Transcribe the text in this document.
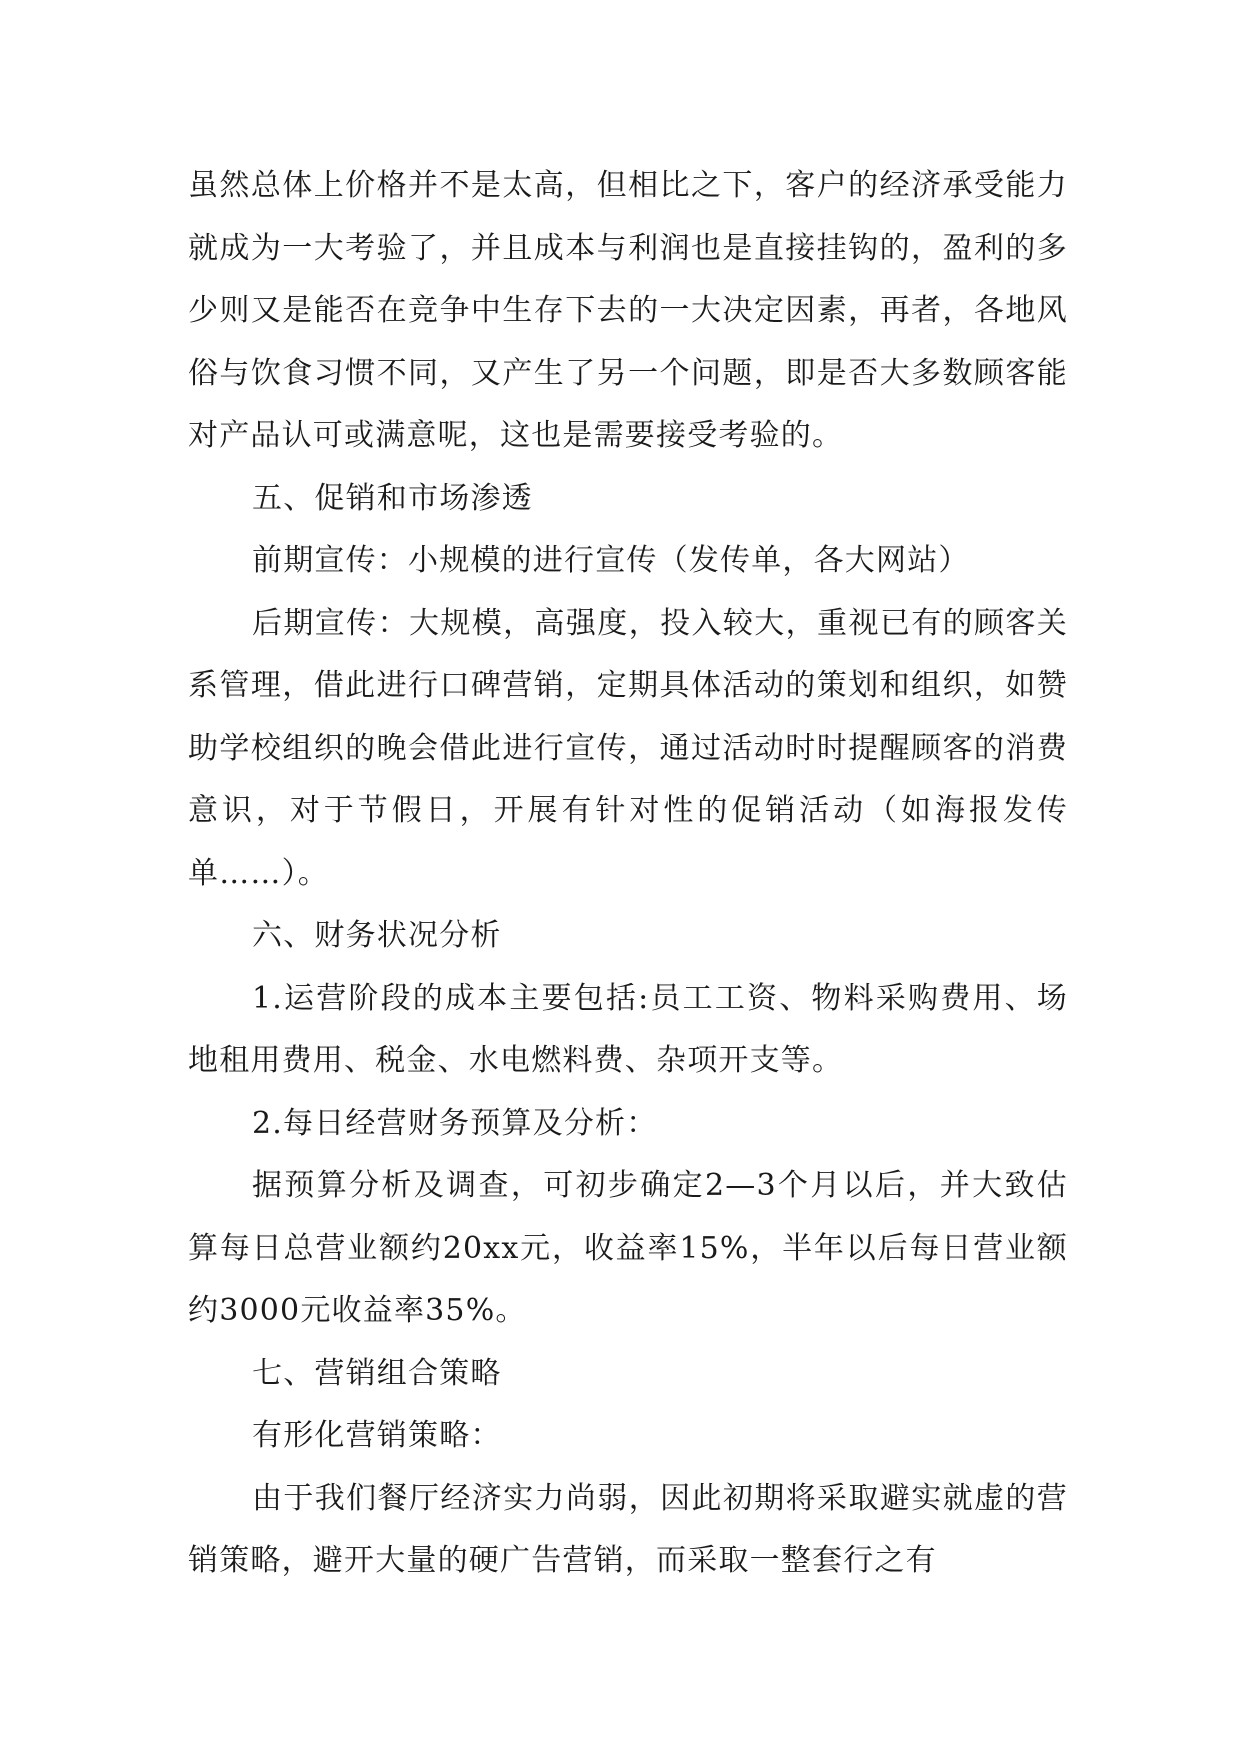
虽然总体上价格并不是太高，但相比之下，客户的经济承受能力就成为一大考验了，并且成本与利润也是直接挂钩的，盈利的多少则又是能否在竞争中生存下去的一大决定因素，再者，各地风俗与饮食习惯不同，又产生了另一个问题，即是否大多数顾客能对产品认可或满意呢，这也是需要接受考验的。

五、促销和市场渗透

前期宣传：小规模的进行宣传（发传单，各大网站）

后期宣传：大规模，高强度，投入较大，重视已有的顾客关系管理，借此进行口碑营销，定期具体活动的策划和组织，如赞助学校组织的晚会借此进行宣传，通过活动时时提醒顾客的消费意识，对于节假日，开展有针对性的促销活动（如海报发传单……）。

六、财务状况分析

1.运营阶段的成本主要包括:员工工资、物料采购费用、场地租用费用、税金、水电燃料费、杂项开支等。

2.每日经营财务预算及分析：

据预算分析及调查，可初步确定2—3个月以后，并大致估算每日总营业额约20xx元，收益率15%，半年以后每日营业额约3000元收益率35%。

七、营销组合策略

有形化营销策略：

由于我们餐厅经济实力尚弱，因此初期将采取避实就虚的营销策略，避开大量的硬广告营销，而采取一整套行之有
